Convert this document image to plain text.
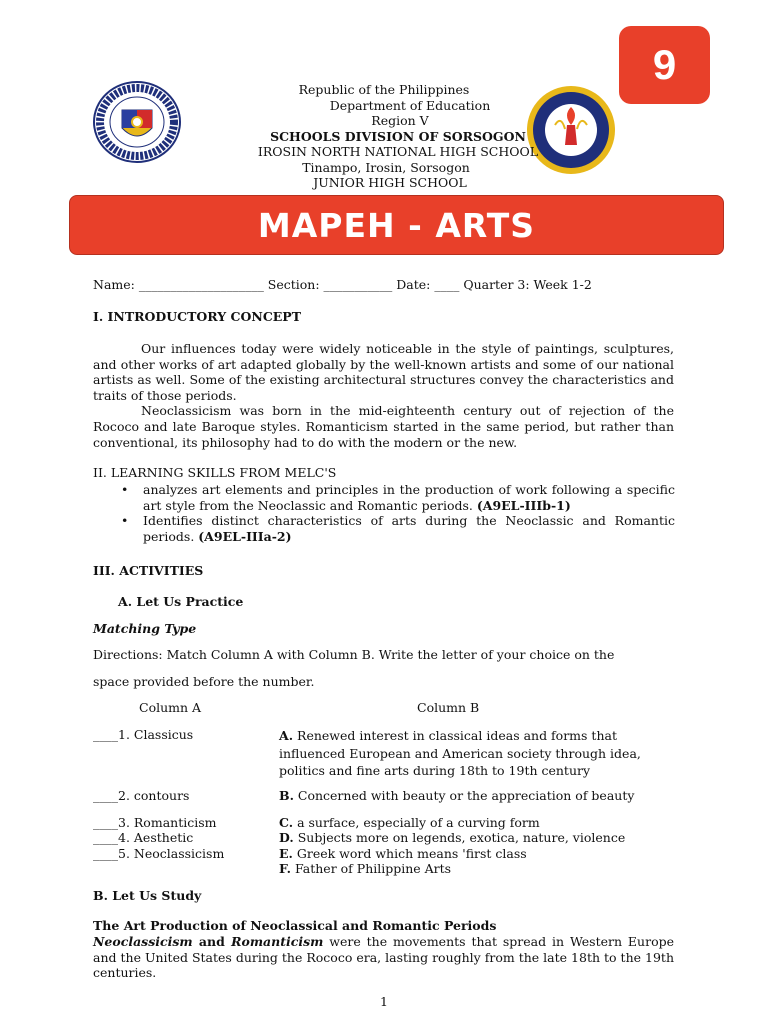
9
Republic of the Philippines
Department of Education
Region V
SCHOOLS DIVISION OF SORSOGON
IROSIN NORTH NATIONAL HIGH SCHOOL
Tinampo, Irosin, Sorsogon
JUNIOR HIGH SCHOOL
MAPEH - ARTS
Name: ____________________ Section: ___________ Date: ____ Quarter 3: Week 1-2
I. INTRODUCTORY CONCEPT

Our influences today were widely noticeable in the style of paintings, sculptures, and other works of art adapted globally by the well-known artists and some of our national artists as well. Some of the existing architectural structures convey the characteristics and traits of those periods.

Neoclassicism was born in the mid-eighteenth century out of rejection of the Rococo and late Baroque styles. Romanticism started in the same period, but rather than conventional, its philosophy had to do with the modern or the new.

II. LEARNING SKILLS FROM MELC'S
• analyzes art elements and principles in the production of work following a specific art style from the Neoclassic and Romantic periods. (A9EL-IIIb-1)
• Identifies distinct characteristics of arts during the Neoclassic and Romantic periods. (A9EL-IIIa-2)
III. ACTIVITIES
A. Let Us Practice
Matching Type
Directions: Match Column A with Column B. Write the letter of your choice on the
space provided before the number.
Column A	Column B
____1. Classicus
____2. contours
____3. Romanticism
____4. Aesthetic
____5. Neoclassicism
A. Renewed interest in classical ideas and forms that influenced European and American society through idea, politics and fine arts during 18th to 19th century
B. Concerned with beauty or the appreciation of beauty
C. a surface, especially of a curving form
D. Subjects more on legends, exotica, nature, violence
E. Greek word which means 'first class
F. Father of Philippine Arts
B. Let Us Study
The Art Production of Neoclassical and Romantic Periods
Neoclassicism and Romanticism were the movements that spread in Western Europe and the United States during the Rococo era, lasting roughly from the late 18th to the 19th centuries.
1
